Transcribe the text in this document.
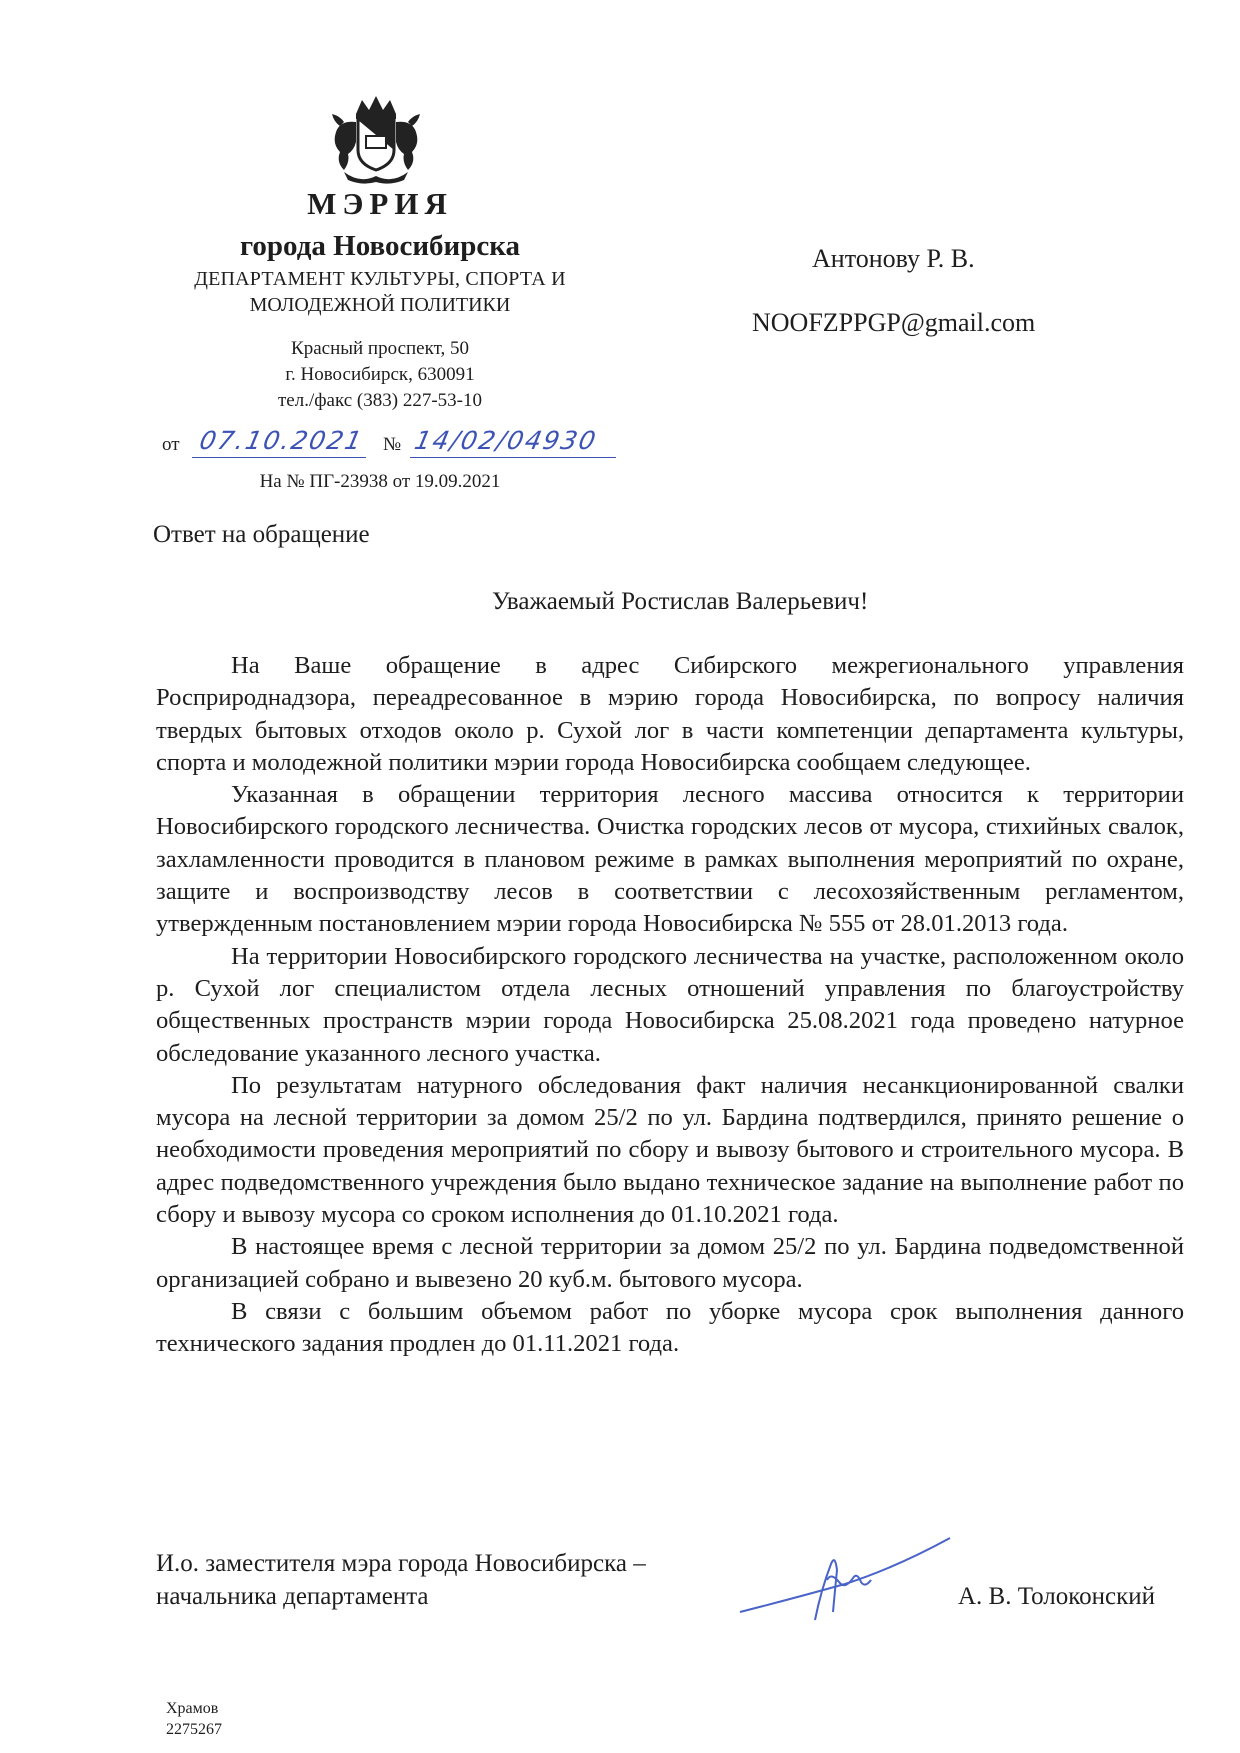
МЭРИЯ
города Новосибирска
ДЕПАРТАМЕНТ КУЛЬТУРЫ, СПОРТА И
МОЛОДЕЖНОЙ ПОЛИТИКИ
Красный проспект, 50
г. Новосибирск, 630091
тел./факс (383) 227-53-10
от 07.10.2021 № 14/02/04930
На № ПГ-23938 от 19.09.2021
Антонову Р. В.
NOOFZPPGP@gmail.com
Ответ на обращение
Уважаемый Ростислав Валерьевич!

На Ваше обращение в адрес Сибирского межрегионального управления Росприроднадзора, переадресованное в мэрию города Новосибирска, по вопросу наличия твердых бытовых отходов около р. Сухой лог в части компетенции департамента культуры, спорта и молодежной политики мэрии города Новосибирска сообщаем следующее.

Указанная в обращении территория лесного массива относится к территории Новосибирского городского лесничества. Очистка городских лесов от мусора, стихийных свалок, захламленности проводится в плановом режиме в рамках выполнения мероприятий по охране, защите и воспроизводству лесов в соответствии с лесохозяйственным регламентом, утвержденным постановлением мэрии города Новосибирска № 555 от 28.01.2013 года.

На территории Новосибирского городского лесничества на участке, расположенном около р. Сухой лог специалистом отдела лесных отношений управления по благоустройству общественных пространств мэрии города Новосибирска 25.08.2021 года проведено натурное обследование указанного лесного участка.

По результатам натурного обследования факт наличия несанкционированной свалки мусора на лесной территории за домом 25/2 по ул. Бардина подтвердился, принято решение о необходимости проведения мероприятий по сбору и вывозу бытового и строительного мусора. В адрес подведомственного учреждения было выдано техническое задание на выполнение работ по сбору и вывозу мусора со сроком исполнения до 01.10.2021 года.

В настоящее время с лесной территории за домом 25/2 по ул. Бардина подведомственной организацией собрано и вывезено 20 куб.м. бытового мусора.

В связи с большим объемом работ по уборке мусора срок выполнения данного технического задания продлен до 01.11.2021 года.

И.о. заместителя мэра города Новосибирска –
начальника департамента	А. В. Толоконский
Храмов
2275267
